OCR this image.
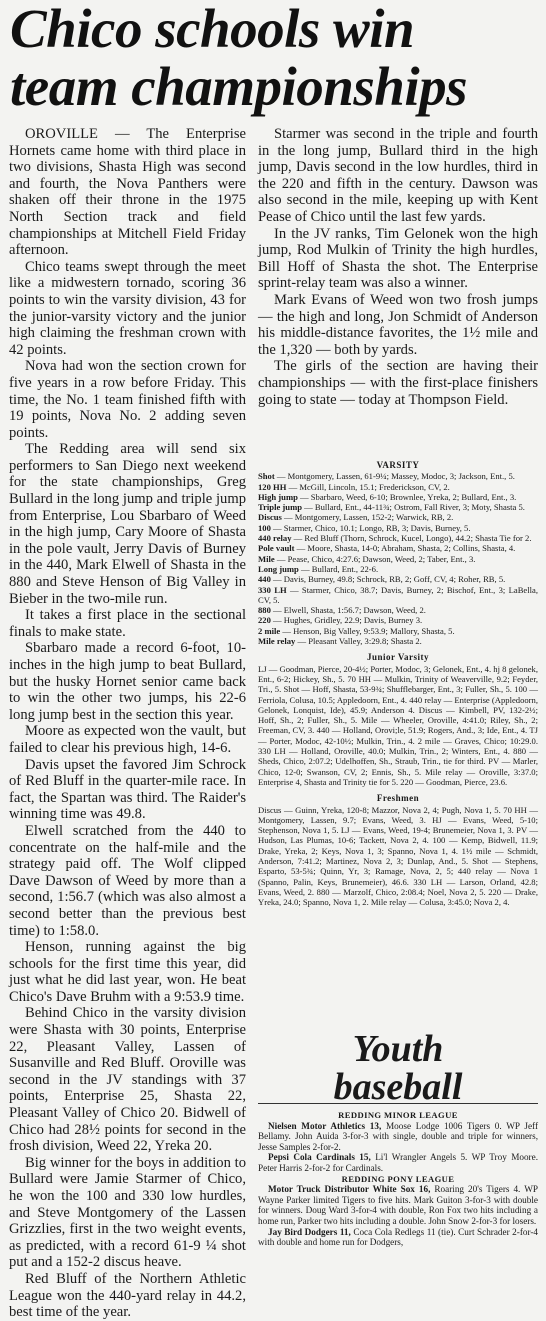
Chico schools win
team championships

OROVILLE — The Enterprise Hornets came home with third place in two divisions, Shasta High was second and fourth, the Nova Panthers were shaken off their throne in the 1975 North Section track and field championships at Mitchell Field Friday afternoon.

Chico teams swept through the meet like a midwestern tornado, scoring 36 points to win the varsity division, 43 for the junior-varsity victory and the junior high claiming the freshman crown with 42 points.

Nova had won the section crown for five years in a row before Friday. This time, the No. 1 team finished fifth with 19 points, Nova No. 2 adding seven points.

The Redding area will send six performers to San Diego next weekend for the state championships, Greg Bullard in the long jump and triple jump from Enterprise, Lou Sbarbaro of Weed in the high jump, Cary Moore of Shasta in the pole vault, Jerry Davis of Burney in the 440, Mark Elwell of Shasta in the 880 and Steve Henson of Big Valley in Bieber in the two-mile run.

It takes a first place in the sectional finals to make state.

Sbarbaro made a record 6-foot, 10-inches in the high jump to beat Bullard, but the husky Hornet senior came back to win the other two jumps, his 22-6 long jump best in the section this year.

Moore as expected won the vault, but failed to clear his previous high, 14-6.

Davis upset the favored Jim Schrock of Red Bluff in the quarter-mile race. In fact, the Spartan was third. The Raider's winning time was 49.8.

Elwell scratched from the 440 to concentrate on the half-mile and the strategy paid off. The Wolf clipped Dave Dawson of Weed by more than a second, 1:56.7 (which was also almost a second better than the previous best time) to 1:58.0.

Henson, running against the big schools for the first time this year, did just what he did last year, won. He beat Chico's Dave Bruhm with a 9:53.9 time.

Behind Chico in the varsity division were Shasta with 30 points, Enterprise 22, Pleasant Valley, Lassen of Susanville and Red Bluff. Oroville was second in the JV standings with 37 points, Enterprise 25, Shasta 22, Pleasant Valley of Chico 20. Bidwell of Chico had 28½ points for second in the frosh division, Weed 22, Yreka 20.

Big winner for the boys in addition to Bullard were Jamie Starmer of Chico, he won the 100 and 330 low hurdles, and Steve Montgomery of the Lassen Grizzlies, first in the two weight events, as predicted, with a record 61-9 ¼ shot put and a 152-2 discus heave.

Red Bluff of the Northern Athletic League won the 440-yard relay in 44.2, best time of the year.

Starmer was second in the triple and fourth in the long jump, Bullard third in the high jump, Davis second in the low hurdles, third in the 220 and fifth in the century. Dawson was also second in the mile, keeping up with Kent Pease of Chico until the last few yards.

In the JV ranks, Tim Gelonek won the high jump, Rod Mulkin of Trinity the high hurdles, Bill Hoff of Shasta the shot. The Enterprise sprint-relay team was also a winner.

Mark Evans of Weed won two frosh jumps — the high and long, Jon Schmidt of Anderson his middle-distance favorites, the 1½ mile and the 1,320 — both by yards.

The girls of the section are having their championships — with the first-place finishers going to state — today at Thompson Field.

VARSITY

Shot — Montgomery, Lassen, 61-9¼; Massey, Modoc, 3; Jackson, Ent., 5.

120 HH — McGill, Lincoln, 15.1; Frederickson, CV, 2.

High jump — Sbarbaro, Weed, 6-10; Brownlee, Yreka, 2; Bullard, Ent., 3.

Triple jump — Bullard, Ent., 44-11¾; Ostrom, Fall River, 3; Moty, Shasta 5.

Discus — Montgomery, Lassen, 152-2; Warwick, RB, 2.

100 — Starmer, Chico, 10.1; Longo, RB, 3; Davis, Burney, 5.

440 relay — Red Bluff (Thorn, Schrock, Kucel, Longo), 44.2; Shasta Tie for 2.

Pole vault — Moore, Shasta, 14-0; Abraham, Shasta, 2; Collins, Shasta, 4.

Mile — Pease, Chico, 4:27.6; Dawson, Weed, 2; Taber, Ent., 3.

Long jump — Bullard, Ent., 22-6.

440 — Davis, Burney, 49.8; Schrock, RB, 2; Goff, CV, 4; Roher, RB, 5.

330 LH — Starmer, Chico, 38.7; Davis, Burney, 2; Bischof, Ent., 3; LaBella, CV, 5.

880 — Elwell, Shasta, 1:56.7; Dawson, Weed, 2.

220 — Hughes, Gridley, 22.9; Davis, Burney 3.

2 mile — Henson, Big Valley, 9:53.9; Mallory, Shasta, 5.

Mile relay — Pleasant Valley, 3:29.8; Shasta 2.

Junior Varsity

LJ — Goodman, Pierce, 20-4½; Porter, Modoc, 3; Gelonek, Ent., 4. hj 8 gelonek, Ent., 6-2; Hickey, Sh., 5. 70 HH — Mulkin, Trinity of Weaverville, 9.2; Feyder, Tri., 5. Shot — Hoff, Shasta, 53-9¾; Shufflebarger, Ent., 3; Fuller, Sh., 5. 100 — Ferriola, Colusa, 10.5; Appledoorn, Ent., 4. 440 relay — Enterprise (Appledoorn, Gelonek, Lonquist, Ide), 45.9; Anderson 4. Discus — Kimbell, PV, 132-2½; Hoff, Sh., 2; Fuller, Sh., 5. Mile — Wheeler, Oroville, 4:41.0; Riley, Sh., 2; Freeman, CV, 3. 440 — Holland, Orovi;le, 51.9; Rogers, And., 3; Ide, Ent., 4. TJ — Porter, Modoc, 42-10½; Mulkin, Trin., 4. 2 mile — Graves, Chico; 10:29.0. 330 LH — Holland, Oroville, 40.0; Mulkin, Trin., 2; Winters, Ent., 4. 880 — Sheds, Chico, 2:07.2; Udelhoffen, Sh., Straub, Trin., tie for third. PV — Marler, Chico, 12-0; Swanson, CV, 2; Ennis, Sh., 5. Mile relay — Oroville, 3:37.0; Enterprise 4, Shasta and Trinity tie for 5. 220 — Goodman, Pierce, 23.6.

Freshmen

Discus — Guinn, Yreka, 120-8; Mazzor, Nova 2, 4; Pugh, Nova 1, 5. 70 HH — Montgomery, Lassen, 9.7; Evans, Weed, 3. HJ — Evans, Weed, 5-10; Stephenson, Nova 1, 5. LJ — Evans, Weed, 19-4; Brunemeier, Nova 1, 3. PV — Hudson, Las Plumas, 10-6; Tackett, Nova 2, 4. 100 — Kemp, Bidwell, 11.9; Drake, Yreka, 2; Keys, Nova 1, 3; Spanno, Nova 1, 4. 1½ mile — Schmidt, Anderson, 7:41.2; Martinez, Nova 2, 3; Dunlap, And., 5. Shot — Stephens, Esparto, 53-5¾; Quinn, Yr, 3; Ramage, Nova, 2, 5; 440 relay — Nova 1 (Spanno, Palin, Keys, Brunemeier), 46.6. 330 LH — Larson, Orland, 42.8; Evans, Weed, 2. 880 — Marzolf, Chico, 2:08.4; Noel, Nova 2, 5. 220 — Drake, Yreka, 24.0; Spanno, Nova 1, 2. Mile relay — Colusa, 3:45.0; Nova 2, 4.

Youth
baseball

REDDING MINOR LEAGUE

Nielsen Motor Athletics 13, Moose Lodge 1006 Tigers 0. WP Jeff Bellamy. John Auida 3-for-3 with single, double and triple for winners, Jesse Samples 2-for-2.

Pepsi Cola Cardinals 15, Li'l Wrangler Angels 5. WP Troy Moore. Peter Harris 2-for-2 for Cardinals.

REDDING PONY LEAGUE

Motor Truck Distributor White Sox 16, Roaring 20's Tigers 4. WP Wayne Parker limited Tigers to five hits. Mark Guiton 3-for-3 with double for winners. Doug Ward 3-for-4 with double, Ron Fox two hits including a home run, Parker two hits including a double. John Snow 2-for-3 for losers.

Jay Bird Dodgers 11, Coca Cola Redlegs 11 (tie). Curt Schrader 2-for-4 with double and home run for Dodgers,
